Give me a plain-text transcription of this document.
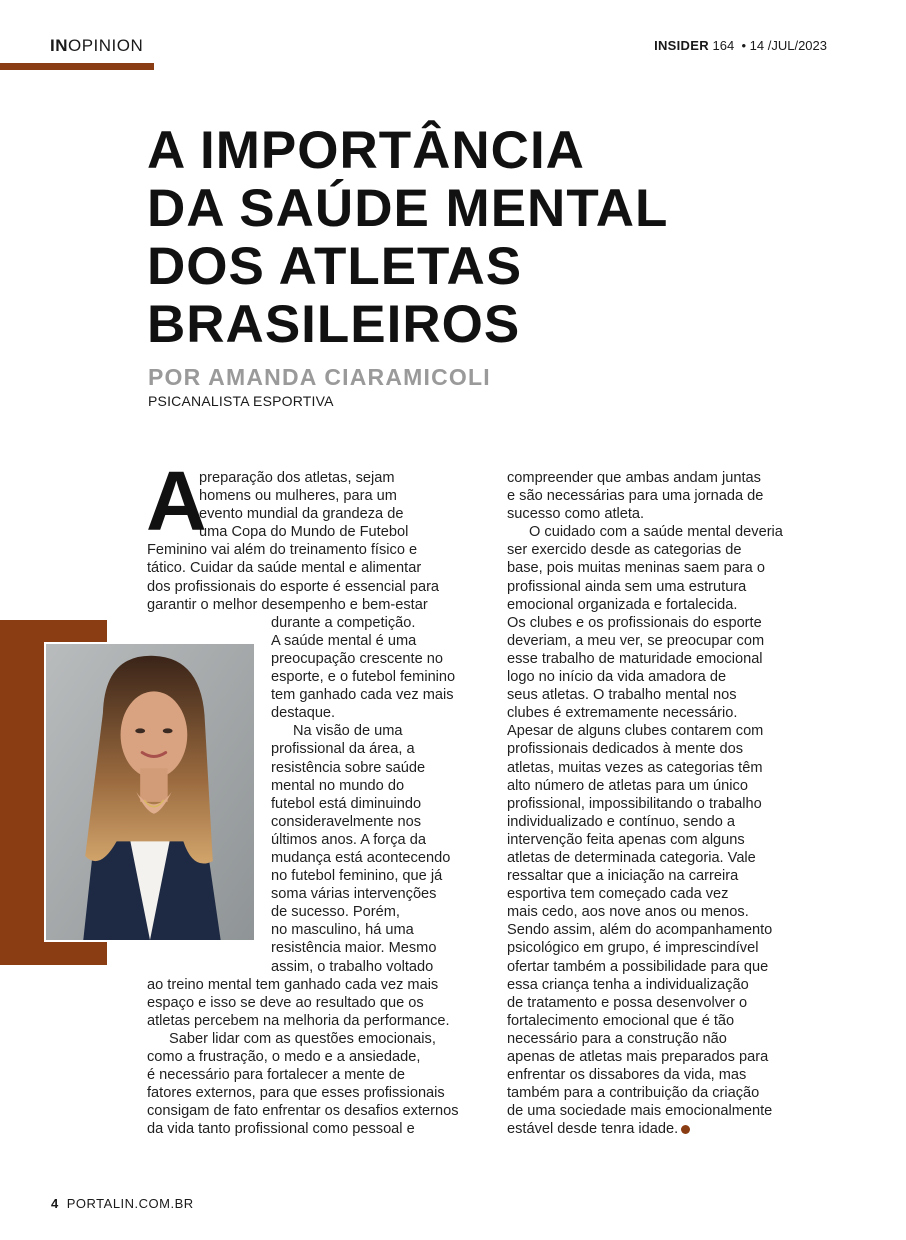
INOPINION	INSIDER 164 • 14 /JUL/2023
A IMPORTÂNCIA
DA SAÚDE MENTAL
DOS ATLETAS
BRASILEIROS
POR AMANDA CIARAMICOLI
PSICANALISTA ESPORTIVA
A

preparação dos atletas, sejam

homens ou mulheres, para um

evento mundial da grandeza de

uma Copa do Mundo de Futebol

Feminino vai além do treinamento físico e

tático. Cuidar da saúde mental e alimentar

dos profissionais do esporte é essencial para

garantir o melhor desempenho e bem-estar

durante a competição.

A saúde mental é uma

preocupação crescente no

esporte, e o futebol feminino

tem ganhado cada vez mais

destaque.

Na visão de uma

profissional da área, a

resistência sobre saúde

mental no mundo do

futebol está diminuindo

consideravelmente nos

últimos anos. A força da

mudança está acontecendo

no futebol feminino, que já

soma várias intervenções

de sucesso. Porém,

no masculino, há uma

resistência maior. Mesmo

assim, o trabalho voltado

ao treino mental tem ganhado cada vez mais

espaço e isso se deve ao resultado que os

atletas percebem na melhoria da performance.

Saber lidar com as questões emocionais,

como a frustração, o medo e a ansiedade,

é necessário para fortalecer a mente de

fatores externos, para que esses profissionais

consigam de fato enfrentar os desafios externos

da vida tanto profissional como pessoal e

compreender que ambas andam juntas

e são necessárias para uma jornada de

sucesso como atleta.

O cuidado com a saúde mental deveria

ser exercido desde as categorias de

base, pois muitas meninas saem para o

profissional ainda sem uma estrutura

emocional organizada e fortalecida.

Os clubes e os profissionais do esporte

deveriam, a meu ver, se preocupar com

esse trabalho de maturidade emocional

logo no início da vida amadora de

seus atletas. O trabalho mental nos

clubes é extremamente necessário.

Apesar de alguns clubes contarem com

profissionais dedicados à mente dos

atletas, muitas vezes as categorias têm

alto número de atletas para um único

profissional, impossibilitando o trabalho

individualizado e contínuo, sendo a

intervenção feita apenas com alguns

atletas de determinada categoria. Vale

ressaltar que a iniciação na carreira

esportiva tem começado cada vez

mais cedo, aos nove anos ou menos.

Sendo assim, além do acompanhamento

psicológico em grupo, é imprescindível

ofertar também a possibilidade para que

essa criança tenha a individualização

de tratamento e possa desenvolver o

fortalecimento emocional que é tão

necessário para a construção não

apenas de atletas mais preparados para

enfrentar os dissabores da vida, mas

também para a contribuição da criação

de uma sociedade mais emocionalmente

estável desde tenra idade.

4 PORTALIN.COM.BR
